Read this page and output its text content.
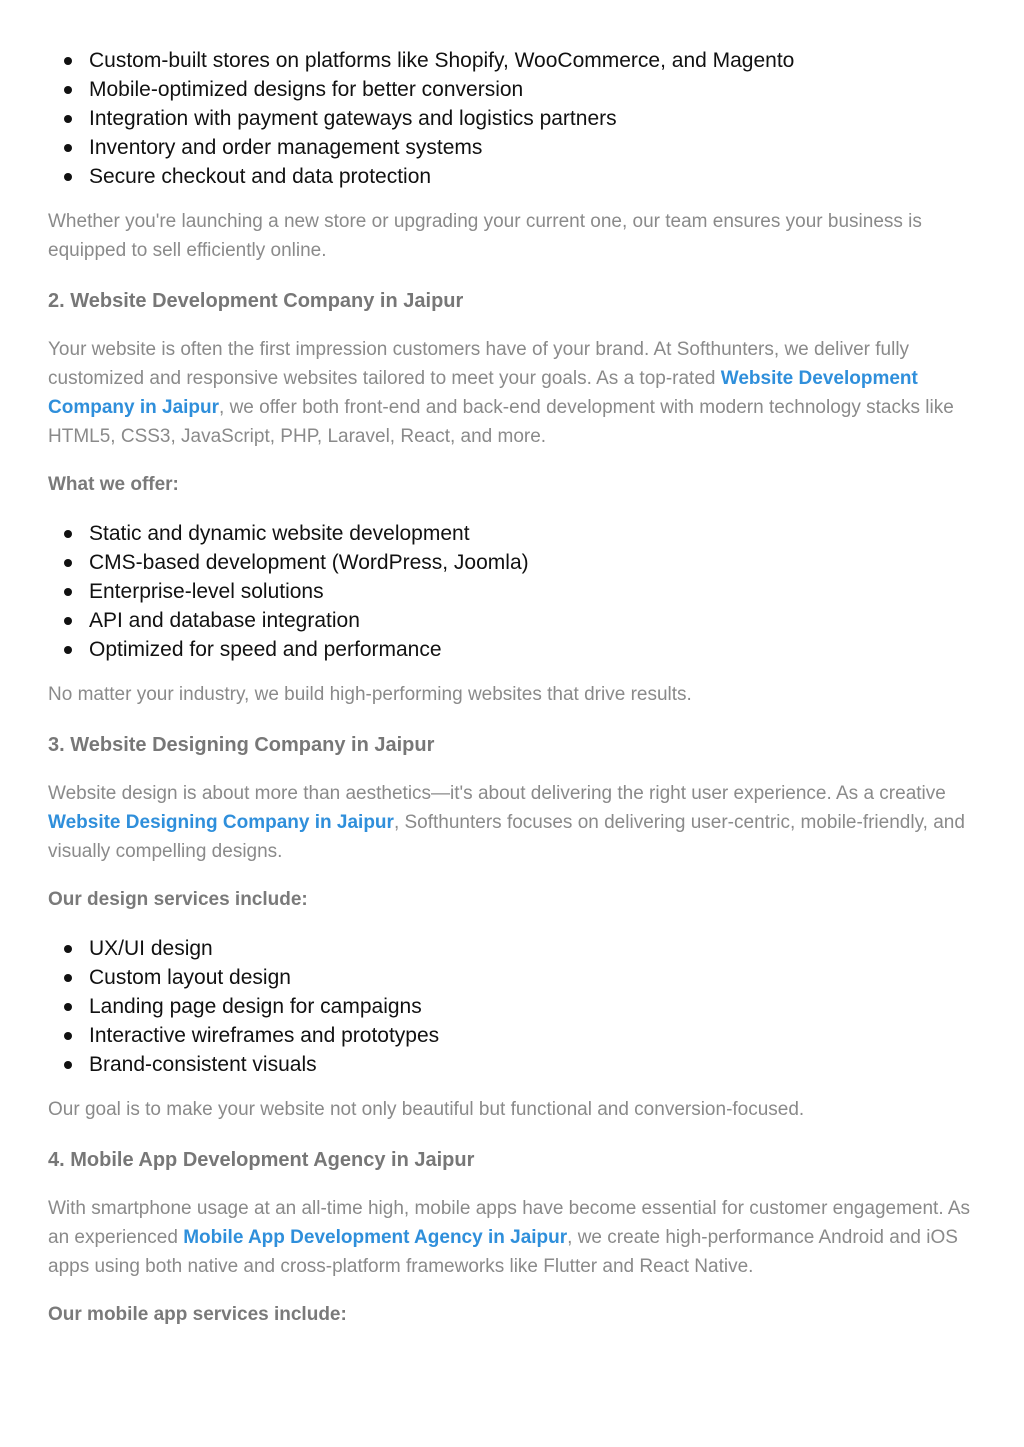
Custom-built stores on platforms like Shopify, WooCommerce, and Magento
Mobile-optimized designs for better conversion
Integration with payment gateways and logistics partners
Inventory and order management systems
Secure checkout and data protection

Whether you're launching a new store or upgrading your current one, our team ensures your business is equipped to sell efficiently online.

2. Website Development Company in Jaipur

Your website is often the first impression customers have of your brand. At Softhunters, we deliver fully customized and responsive websites tailored to meet your goals. As a top-rated Website Development Company in Jaipur, we offer both front-end and back-end development with modern technology stacks like HTML5, CSS3, JavaScript, PHP, Laravel, React, and more.

What we offer:

Static and dynamic website development
CMS-based development (WordPress, Joomla)
Enterprise-level solutions
API and database integration
Optimized for speed and performance

No matter your industry, we build high-performing websites that drive results.

3. Website Designing Company in Jaipur

Website design is about more than aesthetics—it's about delivering the right user experience. As a creative Website Designing Company in Jaipur, Softhunters focuses on delivering user-centric, mobile-friendly, and visually compelling designs.

Our design services include:

UX/UI design
Custom layout design
Landing page design for campaigns
Interactive wireframes and prototypes
Brand-consistent visuals

Our goal is to make your website not only beautiful but functional and conversion-focused.

4. Mobile App Development Agency in Jaipur

With smartphone usage at an all-time high, mobile apps have become essential for customer engagement. As an experienced Mobile App Development Agency in Jaipur, we create high-performance Android and iOS apps using both native and cross-platform frameworks like Flutter and React Native.

Our mobile app services include:
